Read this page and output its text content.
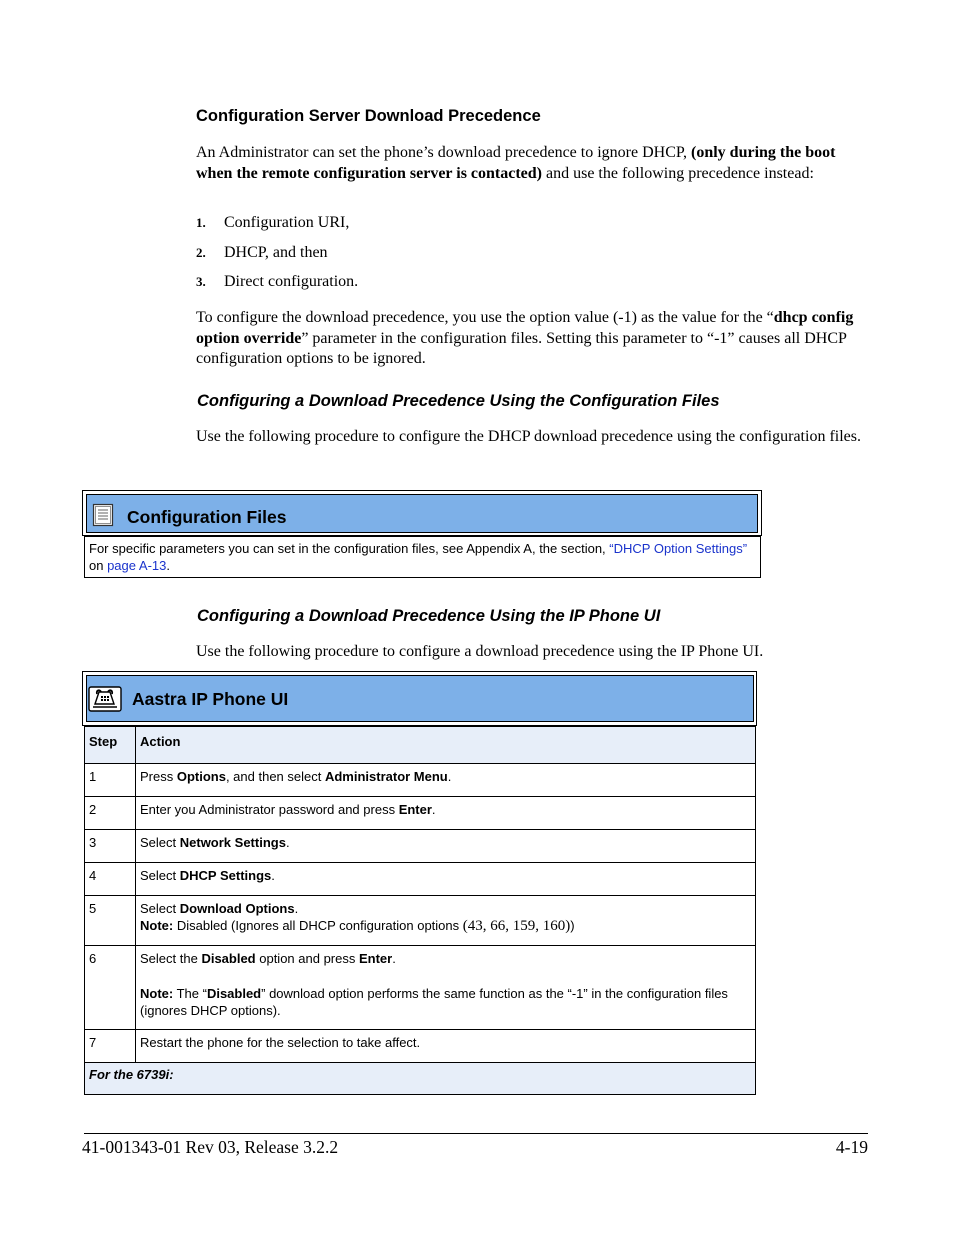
Configuration Server Download Precedence
An Administrator can set the phone’s download precedence to ignore DHCP, (only during the boot when the remote configuration server is contacted) and use the following precedence instead:
1. Configuration URI,
2. DHCP, and then
3. Direct configuration.
To configure the download precedence, you use the option value (-1) as the value for the “dhcp config option override” parameter in the configuration files. Setting this parameter to “-1” causes all DHCP configuration options to be ignored.
Configuring a Download Precedence Using the Configuration Files
Use the following procedure to configure the DHCP download precedence using the configuration files.
Configuration Files
For specific parameters you can set in the configuration files, see Appendix A, the section, “DHCP Option Settings” on page A-13.
Configuring a Download Precedence Using the IP Phone UI
Use the following procedure to configure a download precedence using the IP Phone UI.
Aastra IP Phone UI
Step	Action
1	Press Options, and then select Administrator Menu.
2	Enter you Administrator password and press Enter.
3	Select Network Settings.
4	Select DHCP Settings.
5	Select Download Options.
Note: Disabled (Ignores all DHCP configuration options (43, 66, 159, 160))
6	Select the Disabled option and press Enter.
Note: The “Disabled” download option performs the same function as the “-1” in the configuration files (ignores DHCP options).
7	Restart the phone for the selection to take affect.
For the 6739i:	
41-001343-01 Rev 03, Release 3.2.2	4-19
